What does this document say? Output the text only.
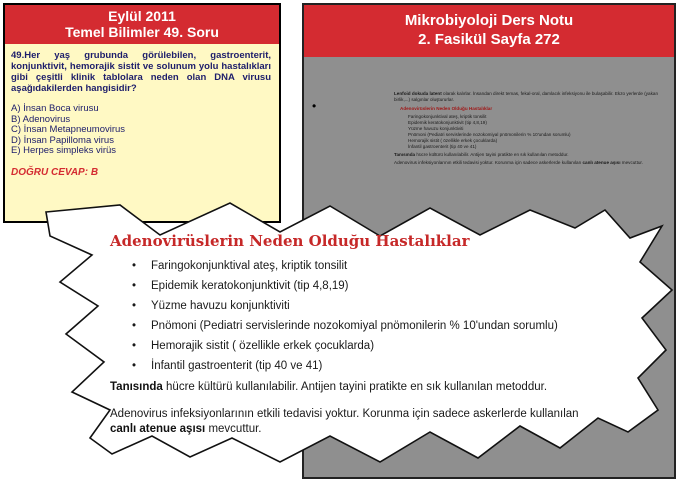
Eylül 2011
Temel Bilimler 49. Soru

49.Her yaş grubunda görülebilen, gastroenterit, konjunktivit, hemorajik sistit ve solunum yolu hastalıkları gibi çeşitli klinik tablolara neden olan DNA virusu aşağıdakilerden hangisidir?

A) İnsan Boca virusu
B) Adenovirus
C) İnsan Metapneumovirus
D) İnsan Papilloma virus
E) Herpes simpleks virüs
DOĞRU CEVAP: B
Mikrobiyoloji Ders Notu
2. Fasikül Sayfa 272
•
Lenfoid dokuda latent olarak kalırlar. İnsandan direkt temas, fekal-oral, damlacık infeksiyonu ile bulaşabilir. Ekzo yerlerde (yakan birlik,...) salgınlar oluştururlar.
Adenovirüslerin Neden Olduğu Hastalıklar
Faringokonjunktival ateş, kriptik tonsilit
Epidemik keratokonjunktivit (tip 4,8,19)
Yüzme havuzu konjunktiviti
Pnömoni (Pediatri servislerinde nozokomiyal pnömonilerin % 10'undan sorumlu)
Hemorajik sistit ( özellikle erkek çocuklarda)
İnfantil gastroenterit (tip 40 ve 41)
Tanısında hücre kültürü kullanılabilir. Antijen tayini pratikte en sık kullanılan metoddur.
Adenovirus infeksiyonlarının etkili tedavisi yoktur. Korunma için sadece askerlerde kullanılan canlı atenue aşısı mevcuttur.
Adenovirüslerin Neden Olduğu Hastalıklar
• Faringokonjunktival ateş, kriptik tonsilit
• Epidemik keratokonjunktivit (tip 4,8,19)
• Yüzme havuzu konjunktiviti
• Pnömoni (Pediatri servislerinde nozokomiyal pnömonilerin % 10'undan sorumlu)
• Hemorajik sistit ( özellikle erkek çocuklarda)
• İnfantil gastroenterit (tip 40 ve 41)

Tanısında hücre kültürü kullanılabilir. Antijen tayini pratikte en sık kullanılan metoddur.

Adenovirus infeksiyonlarının etkili tedavisi yoktur. Korunma için sadece askerlerde kullanılan
canlı atenue aşısı mevcuttur.
